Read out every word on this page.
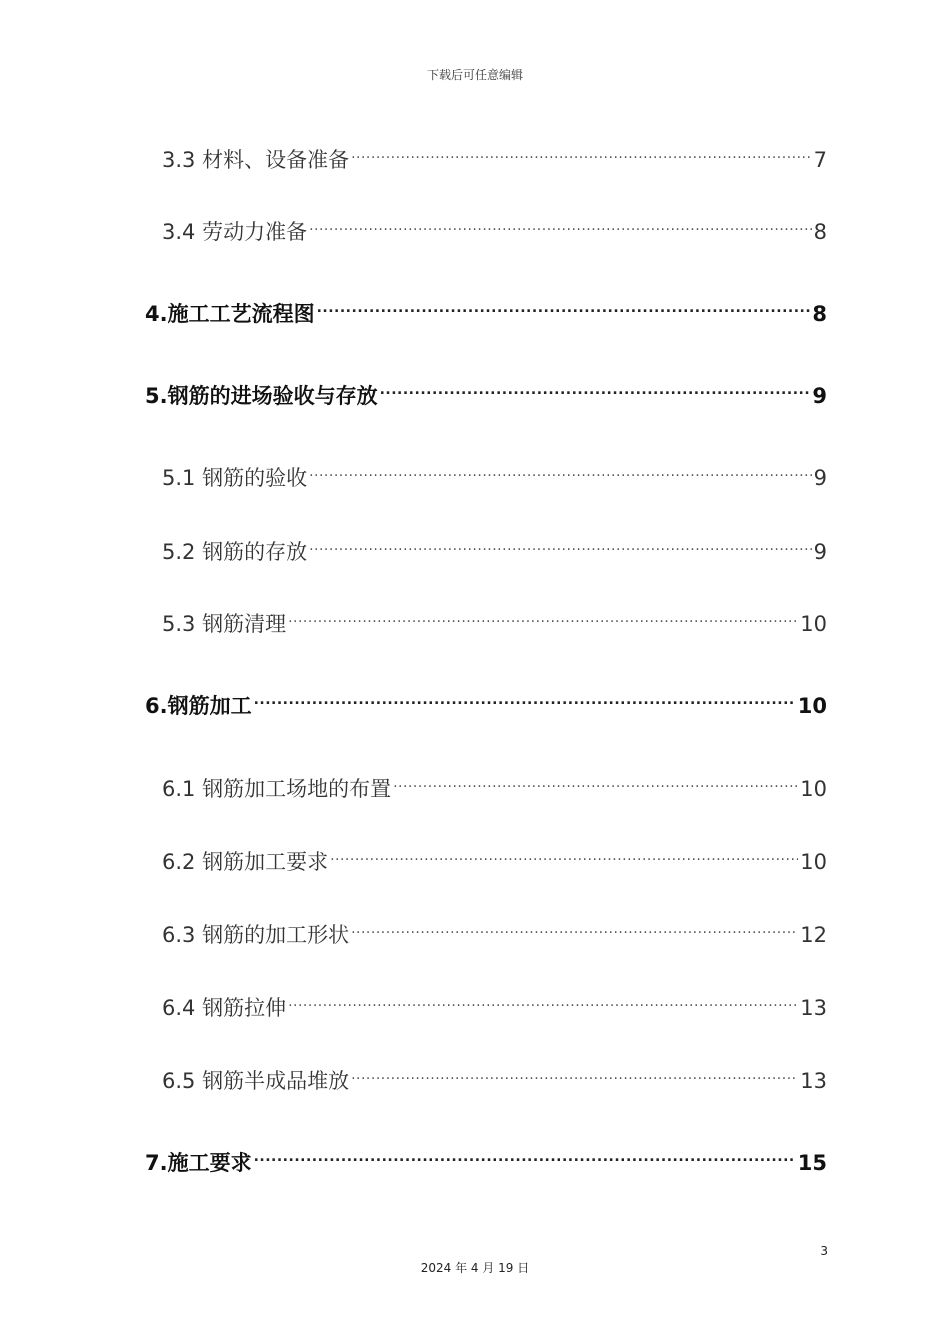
下载后可任意编辑
3.3 材料、设备准备 .....	7
3.4 劳动力准备 .....	8
4.施工工艺流程图 .....	8
5.钢筋的进场验收与存放 .....	9
5.1 钢筋的验收 .....	9
5.2 钢筋的存放 .....	9
5.3 钢筋清理 .....	10
6.钢筋加工 .....	10
6.1 钢筋加工场地的布置 .....	10
6.2 钢筋加工要求 .....	10
6.3 钢筋的加工形状 .....	12
6.4 钢筋拉伸 .....	13
6.5 钢筋半成品堆放 .....	13
7.施工要求 .....	15
3
2024 年 4 月 19 日
